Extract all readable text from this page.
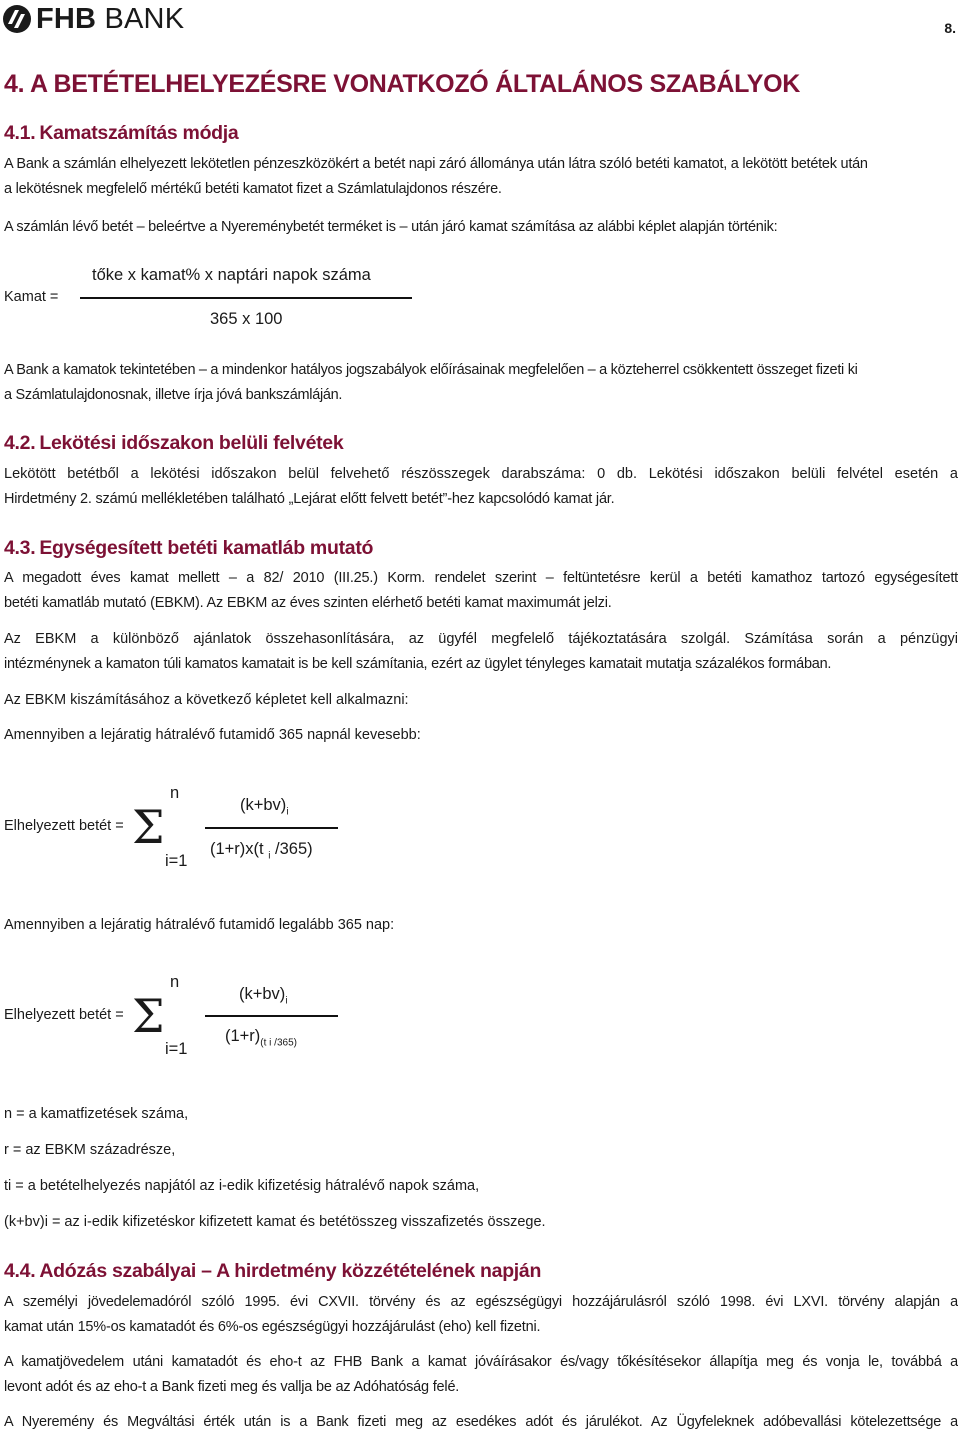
FHB BANK	8.
4. A BETÉTELHELYEZÉSRE VONATKOZÓ ÁLTALÁNOS SZABÁLYOK
4.1. Kamatszámítás módja
A Bank a számlán elhelyezett lekötetlen pénzeszközökért a betét napi záró állománya után látra szóló betéti kamatot, a lekötött betétek után
a lekötésnek megfelelő mértékű betéti kamatot fizet a Számlatulajdonos részére.
A számlán lévő betét – beleértve a Nyereménybetét terméket is – után járó kamat számítása az alábbi képlet alapján történik:
Kamat =
tőke x kamat% x naptári napok száma
365 x 100
A Bank a kamatok tekintetében – a mindenkor hatályos jogszabályok előírásainak megfelelően – a közteherrel csökkentett összeget fizeti ki
a Számlatulajdonosnak, illetve írja jóvá bankszámláján.
4.2. Lekötési időszakon belüli felvétek
Lekötött betétből a lekötési időszakon belül felvehető részösszegek darabszáma: 0 db. Lekötési időszakon belüli felvétel esetén a
Hirdetmény 2. számú mellékletében található „Lejárat előtt felvett betét”-hez kapcsolódó kamat jár.
4.3. Egységesített betéti kamatláb mutató
A megadott éves kamat mellett – a 82/ 2010 (III.25.) Korm. rendelet szerint – feltüntetésre kerül a betéti kamathoz tartozó egységesített
betéti kamatláb mutató (EBKM). Az EBKM az éves szinten elérhető betéti kamat maximumát jelzi.
Az EBKM a különböző ajánlatok összehasonlítására, az ügyfél megfelelő tájékoztatására szolgál. Számítása során a pénzügyi
intézménynek a kamaton túli kamatos kamatait is be kell számítania, ezért az ügylet tényleges kamatait mutatja százalékos formában.
Az EBKM kiszámításához a következő képletet kell alkalmazni:
Amennyiben a lejáratig hátralévő futamidő 365 napnál kevesebb:
Elhelyezett betét = Σ
n
i=1
$(k+bv)_i$
(1+r)x(t $_i$ /365)
Amennyiben a lejáratig hátralévő futamidő legalább 365 nap:
Elhelyezett betét = Σ
n
i=1
$(k+bv)_i$
$(1+r)_{(t i /365)}$
n = a kamatfizetések száma,
r = az EBKM századrésze,
ti = a betételhelyezés napjától az i-edik kifizetésig hátralévő napok száma,
(k+bv)i = az i-edik kifizetéskor kifizetett kamat és betétösszeg visszafizetés összege.
4.4. Adózás szabályai – A hirdetmény közzétételének napján
A személyi jövedelemadóról szóló 1995. évi CXVII. törvény és az egészségügyi hozzájárulásról szóló 1998. évi LXVI. törvény alapján a
kamat után 15%-os kamatadót és 6%-os egészségügyi hozzájárulást (eho) kell fizetni.
A kamatjövedelem utáni kamatadót és eho-t az FHB Bank a kamat jóváírásakor és/vagy tőkésítésekor állapítja meg és vonja le, továbbá a
levont adót és az eho-t a Bank fizeti meg és vallja be az Adóhatóság felé.
A Nyeremény és Megváltási érték után is a Bank fizeti meg az esedékes adót és járulékot. Az Ügyfeleknek adóbevallási kötelezettsége a
